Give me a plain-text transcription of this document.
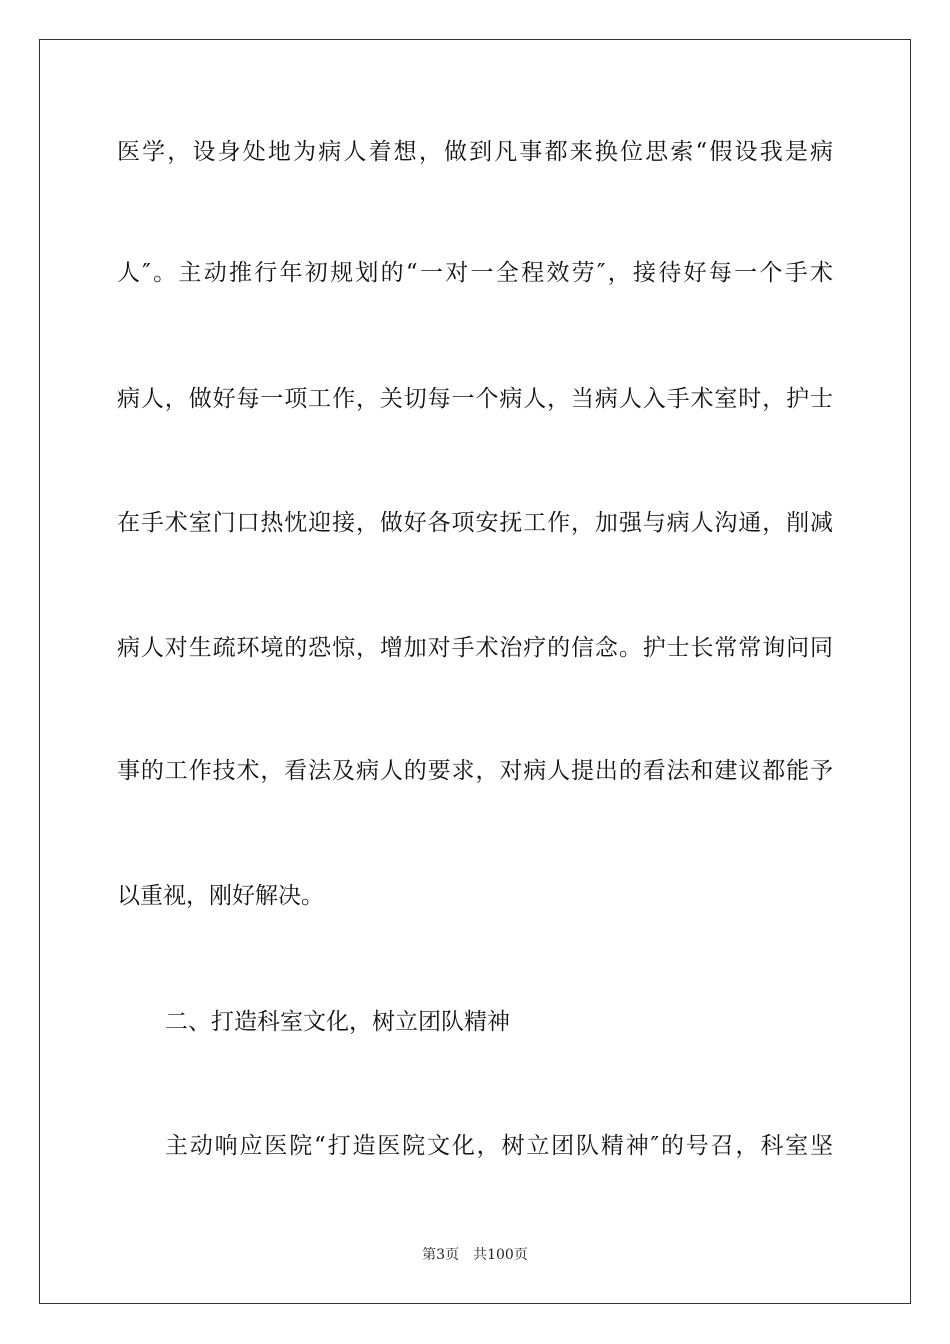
医学，设身处地为病人着想，做到凡事都来换位思索“假设我是病
人″。主动推行年初规划的“一对一全程效劳″，接待好每一个手术
病人，做好每一项工作，关切每一个病人，当病人入手术室时，护士
在手术室门口热忱迎接，做好各项安抚工作，加强与病人沟通，削减
病人对生疏环境的恐惊，增加对手术治疗的信念。护士长常常询问同
事的工作技术，看法及病人的要求，对病人提出的看法和建议都能予
以重视，刚好解决。
二、打造科室文化，树立团队精神
主动响应医院“打造医院文化，树立团队精神″的号召，科室坚
第3页 共100页
